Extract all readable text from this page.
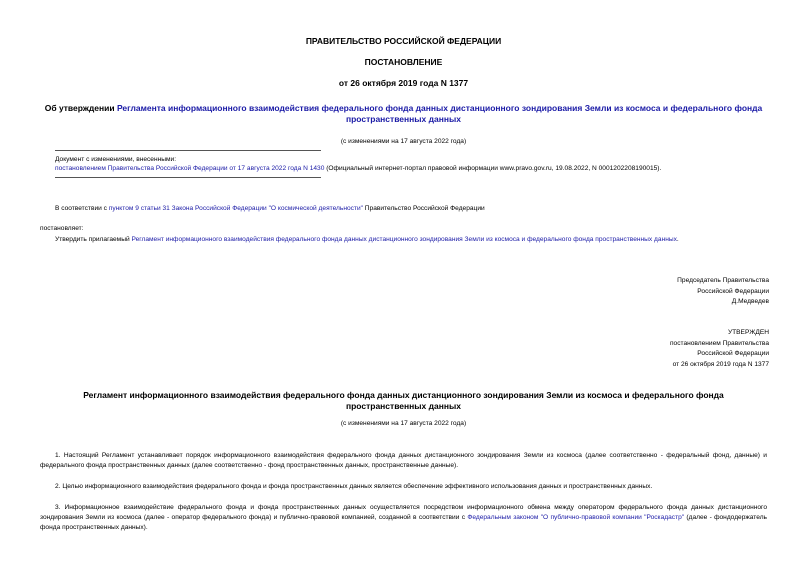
ПРАВИТЕЛЬСТВО РОССИЙСКОЙ ФЕДЕРАЦИИ
ПОСТАНОВЛЕНИЕ
от 26 октября 2019 года N 1377
Об утверждении Регламента информационного взаимодействия федерального фонда данных дистанционного зондирования Земли из космоса и федерального фонда пространственных данных
(с изменениями на 17 августа 2022 года)
Документ с изменениями, внесенными:
постановлением Правительства Российской Федерации от 17 августа 2022 года N 1430 (Официальный интернет-портал правовой информации www.pravo.gov.ru, 19.08.2022, N 0001202208190015).
В соответствии с пунктом 9 статьи 31 Закона Российской Федерации "О космической деятельности" Правительство Российской Федерации
постановляет:
Утвердить прилагаемый Регламент информационного взаимодействия федерального фонда данных дистанционного зондирования Земли из космоса и федерального фонда пространственных данных.
Председатель Правительства
Российской Федерации
Д.Медведев
УТВЕРЖДЕН
постановлением Правительства
Российской Федерации
от 26 октября 2019 года N 1377
Регламент информационного взаимодействия федерального фонда данных дистанционного зондирования Земли из космоса и федерального фонда пространственных данных
(с изменениями на 17 августа 2022 года)
1. Настоящий Регламент устанавливает порядок информационного взаимодействия федерального фонда данных дистанционного зондирования Земли из космоса (далее соответственно - федеральный фонд, данные) и федерального фонда пространственных данных (далее соответственно - фонд пространственных данных, пространственные данные).
2. Целью информационного взаимодействия федерального фонда и фонда пространственных данных является обеспечение эффективного использования данных и пространственных данных.
3. Информационное взаимодействие федерального фонда и фонда пространственных данных осуществляется посредством информационного обмена между оператором федерального фонда данных дистанционного зондирования Земли из космоса (далее - оператор федерального фонда) и публично-правовой компанией, созданной в соответствии с Федеральным законом "О публично-правовой компании "Роскадастр" (далее - фондодержатель фонда пространственных данных).
